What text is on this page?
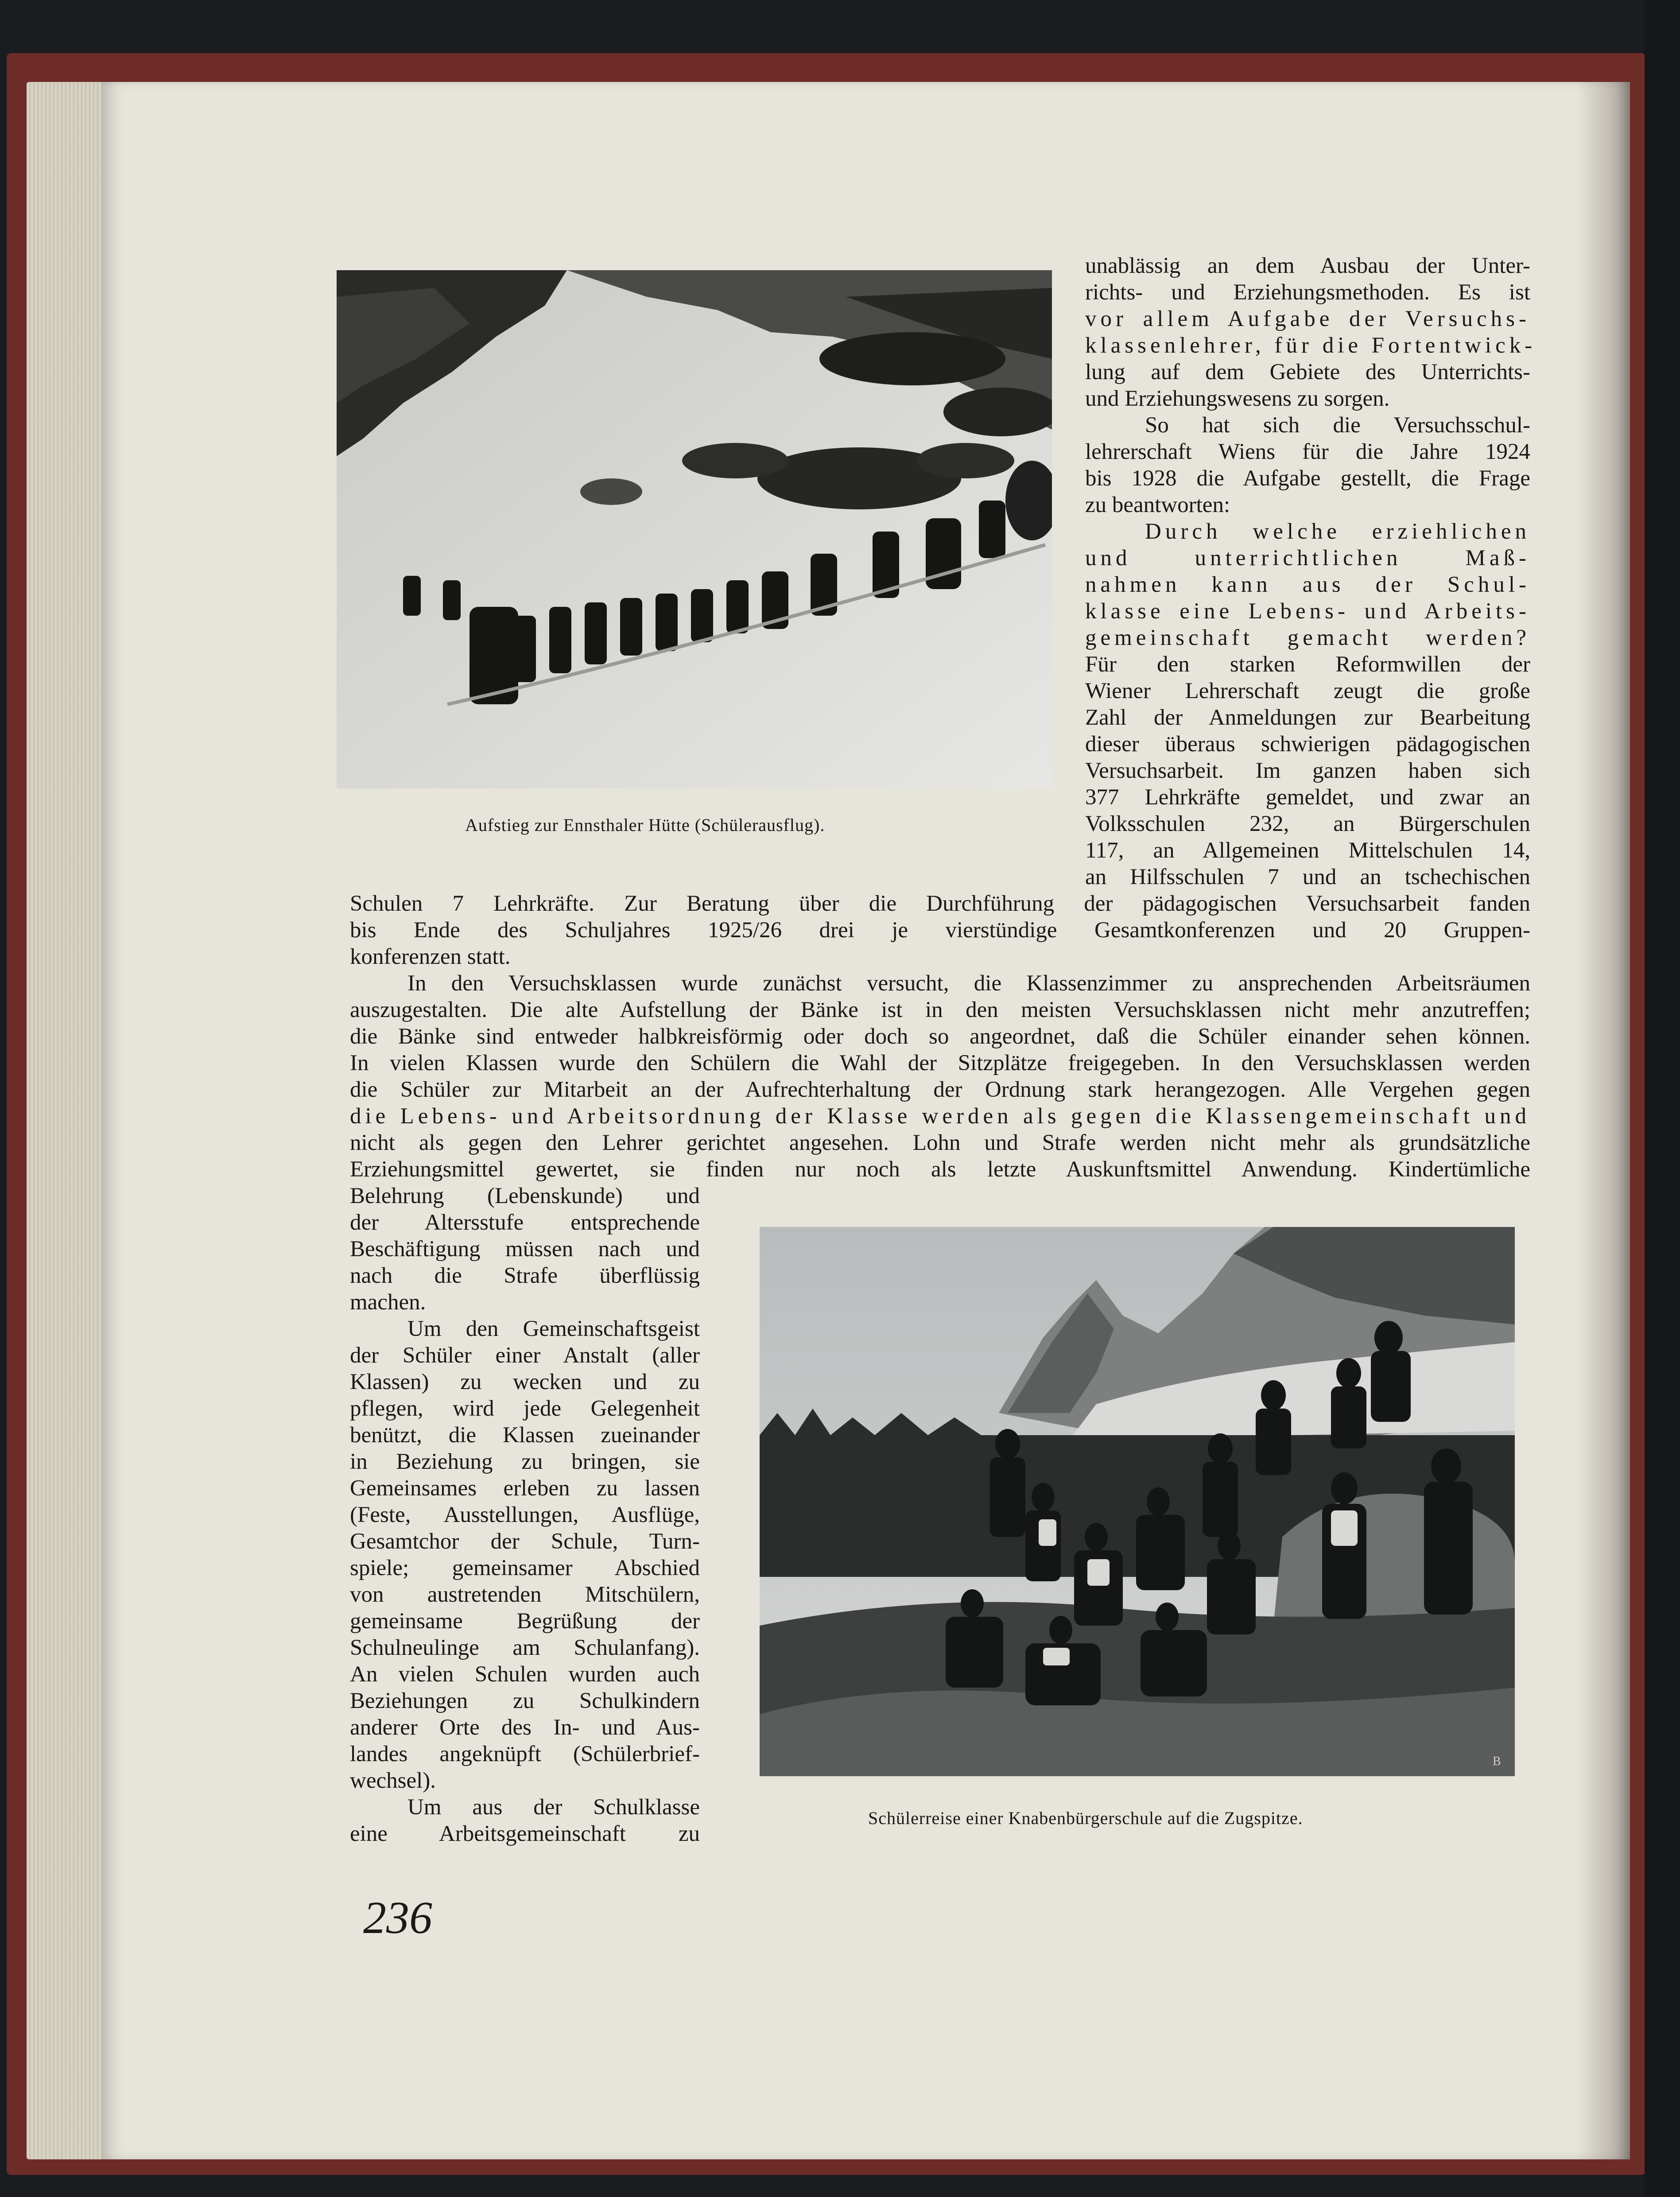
Aufstieg zur Ennsthaler Hütte (Schülerausflug).

unablässig an dem Ausbau der Unter-

richts- und Erziehungsmethoden. Es ist

vor allem Aufgabe der Versuchs-

klassenlehrer, für die Fortentwick-

lung auf dem Gebiete des Unterrichts-

und Erziehungswesens zu sorgen.

So hat sich die Versuchsschul-

lehrerschaft Wiens für die Jahre 1924

bis 1928 die Aufgabe gestellt, die Frage

zu beantworten:

Durch welche erziehlichen

und unterrichtlichen Maß-

nahmen kann aus der Schul-

klasse eine Lebens- und Arbeits-

gemeinschaft gemacht werden?

Für den starken Reformwillen der

Wiener Lehrerschaft zeugt die große

Zahl der Anmeldungen zur Bearbeitung

dieser überaus schwierigen pädagogischen

Versuchsarbeit. Im ganzen haben sich

377 Lehrkräfte gemeldet, und zwar an

Volksschulen 232, an Bürgerschulen

117, an Allgemeinen Mittelschulen 14,

an Hilfsschulen 7 und an tschechischen

Schulen 7 Lehrkräfte. Zur Beratung über die Durchführung der pädagogischen Versuchsarbeit fanden

bis Ende des Schuljahres 1925/26 drei je vierstündige Gesamtkonferenzen und 20 Gruppen-

konferenzen statt.

In den Versuchsklassen wurde zunächst versucht, die Klassenzimmer zu ansprechenden Arbeitsräumen

auszugestalten. Die alte Aufstellung der Bänke ist in den meisten Versuchsklassen nicht mehr anzutreffen;

die Bänke sind entweder halbkreisförmig oder doch so angeordnet, daß die Schüler einander sehen können.

In vielen Klassen wurde den Schülern die Wahl der Sitzplätze freigegeben. In den Versuchsklassen werden

die Schüler zur Mitarbeit an der Aufrechterhaltung der Ordnung stark herangezogen. Alle Vergehen gegen

die Lebens- und Arbeitsordnung der Klasse werden als gegen die Klassengemeinschaft und

nicht als gegen den Lehrer gerichtet angesehen. Lohn und Strafe werden nicht mehr als grundsätzliche

Erziehungsmittel gewertet, sie finden nur noch als letzte Auskunftsmittel Anwendung. Kindertümliche

Belehrung (Lebenskunde) und

der Altersstufe entsprechende

Beschäftigung müssen nach und

nach die Strafe überflüssig

machen.

Um den Gemeinschaftsgeist

der Schüler einer Anstalt (aller

Klassen) zu wecken und zu

pflegen, wird jede Gelegenheit

benützt, die Klassen zueinander

in Beziehung zu bringen, sie

Gemeinsames erleben zu lassen

(Feste, Ausstellungen, Ausflüge,

Gesamtchor der Schule, Turn-

spiele; gemeinsamer Abschied

von austretenden Mitschülern,

gemeinsame Begrüßung der

Schulneulinge am Schulanfang).

An vielen Schulen wurden auch

Beziehungen zu Schulkindern

anderer Orte des In- und Aus-

landes angeknüpft (Schülerbrief-

wechsel).

Um aus der Schulklasse

eine Arbeitsgemeinschaft zu

B

Schülerreise einer Knabenbürgerschule auf die Zugspitze.

236
